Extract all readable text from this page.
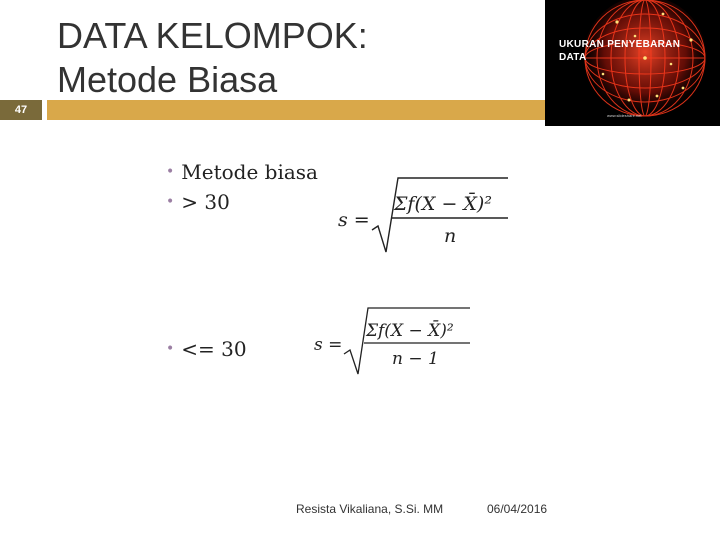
DATA KELOMPOK:
Metode Biasa
47
UKURAN PENYEBARAN
DATA
www.slideshare.net
• Metode biasa
• > 30
• <= 30
s =
Σf(X − X̄)²
n
s =
Σf(X − X̄)²
n − 1
Resista Vikaliana, S.Si. MM	06/04/2016
